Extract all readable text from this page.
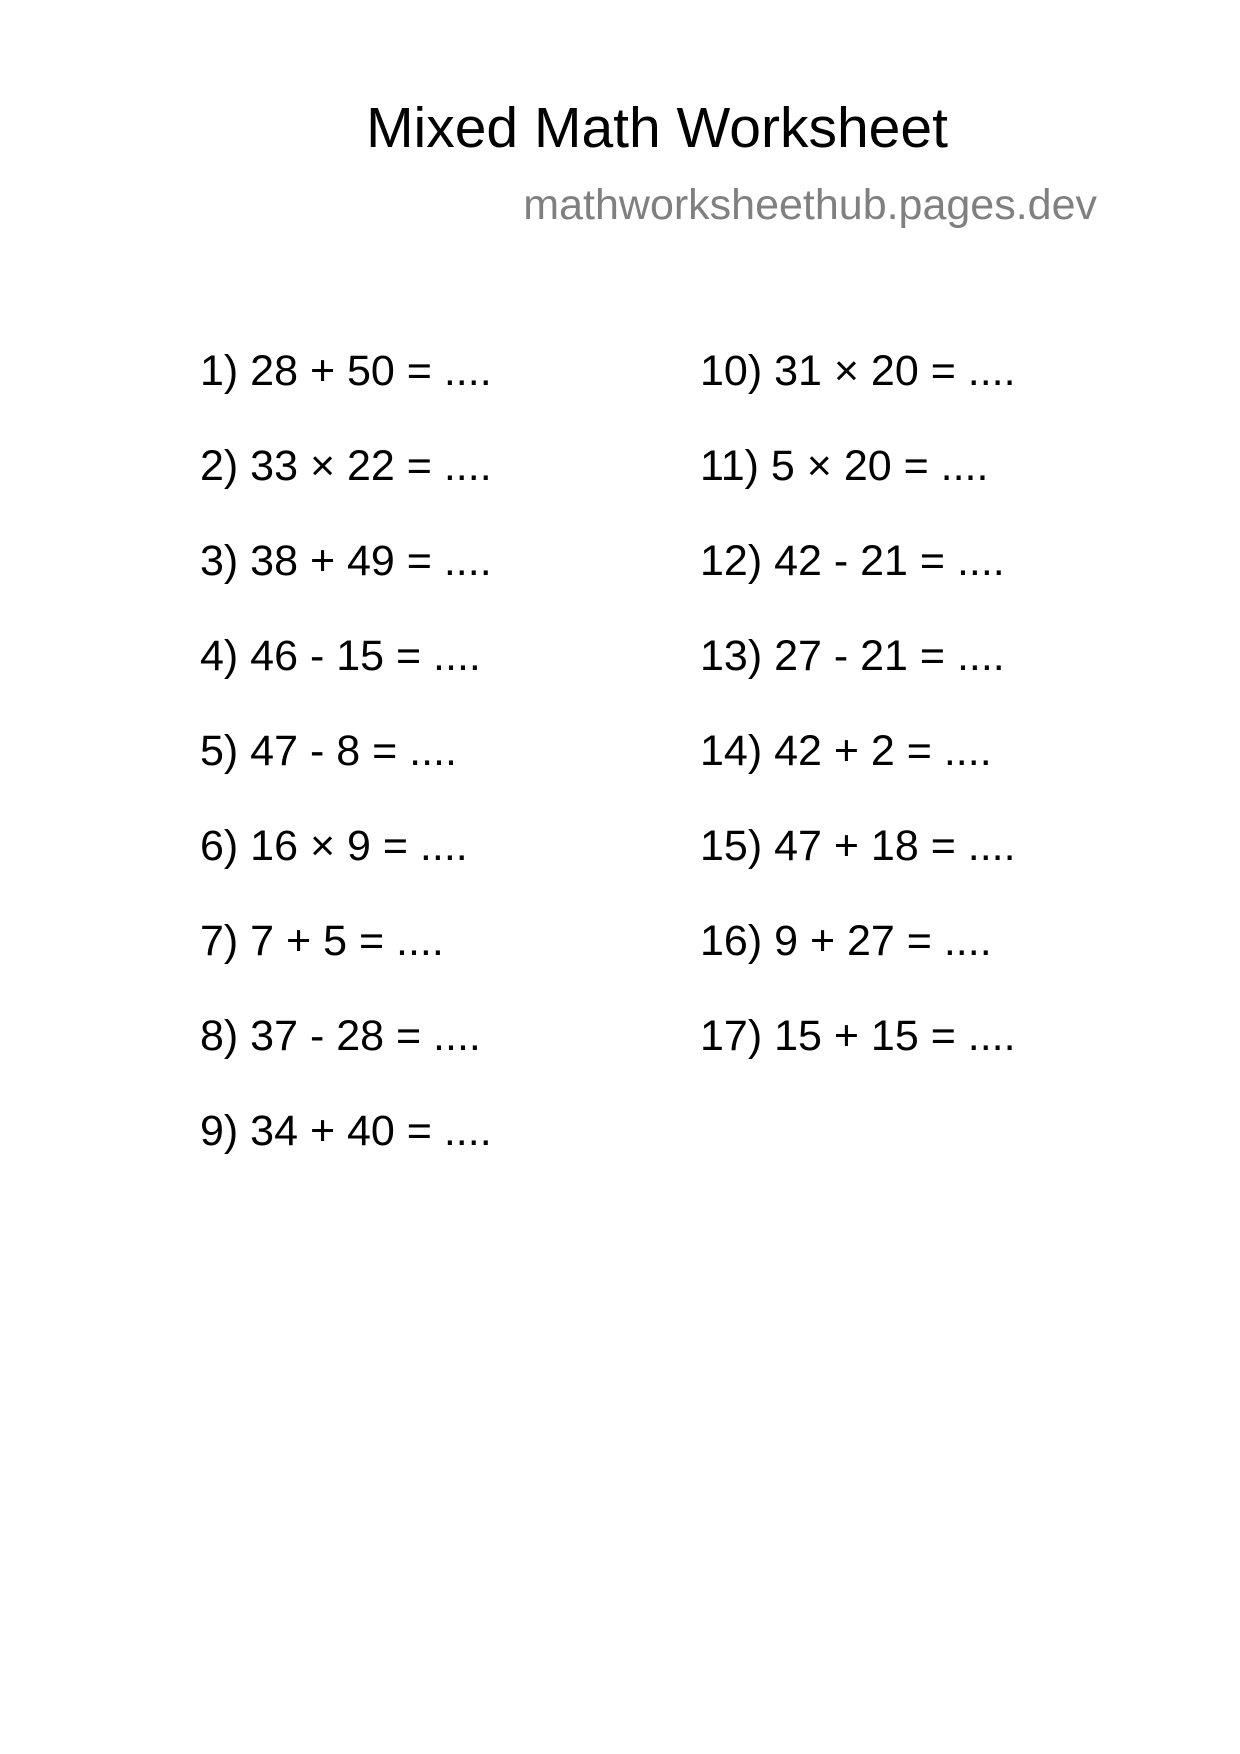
Mixed Math Worksheet
mathworksheethub.pages.dev
1) 28 + 50 = ....
2) 33 × 22 = ....
3) 38 + 49 = ....
4) 46 - 15 = ....
5) 47 - 8 = ....
6) 16 × 9 = ....
7) 7 + 5 = ....
8) 37 - 28 = ....
9) 34 + 40 = ....
10) 31 × 20 = ....
11) 5 × 20 = ....
12) 42 - 21 = ....
13) 27 - 21 = ....
14) 42 + 2 = ....
15) 47 + 18 = ....
16) 9 + 27 = ....
17) 15 + 15 = ....
